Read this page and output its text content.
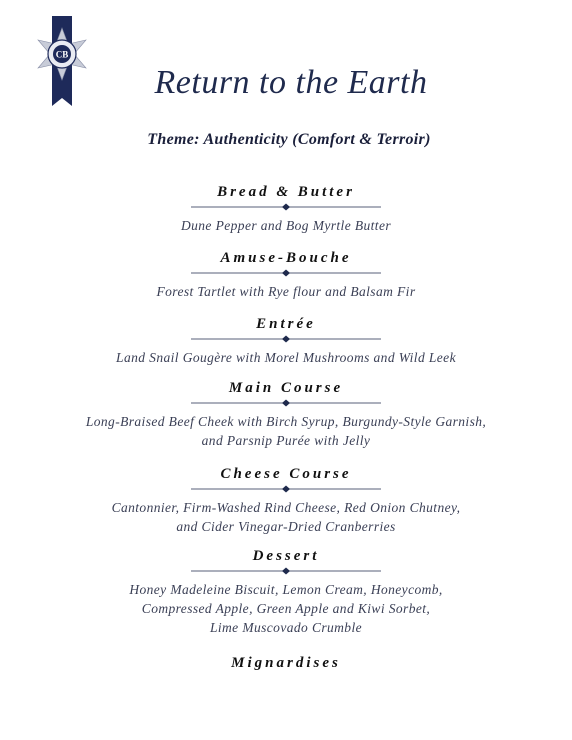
CB
Return to the Earth
Theme: Authenticity (Comfort & Terroir)
Bread & Butter
Dune Pepper and Bog Myrtle Butter
Amuse-Bouche
Forest Tartlet with Rye flour and Balsam Fir
Entrée
Land Snail Gougère with Morel Mushrooms and Wild Leek
Main Course
Long-Braised Beef Cheek with Birch Syrup, Burgundy-Style Garnish,
and Parsnip Purée with Jelly
Cheese Course
Cantonnier, Firm-Washed Rind Cheese, Red Onion Chutney,
and Cider Vinegar-Dried Cranberries
Dessert
Honey Madeleine Biscuit, Lemon Cream, Honeycomb,
Compressed Apple, Green Apple and Kiwi Sorbet,
Lime Muscovado Crumble
Mignardises
